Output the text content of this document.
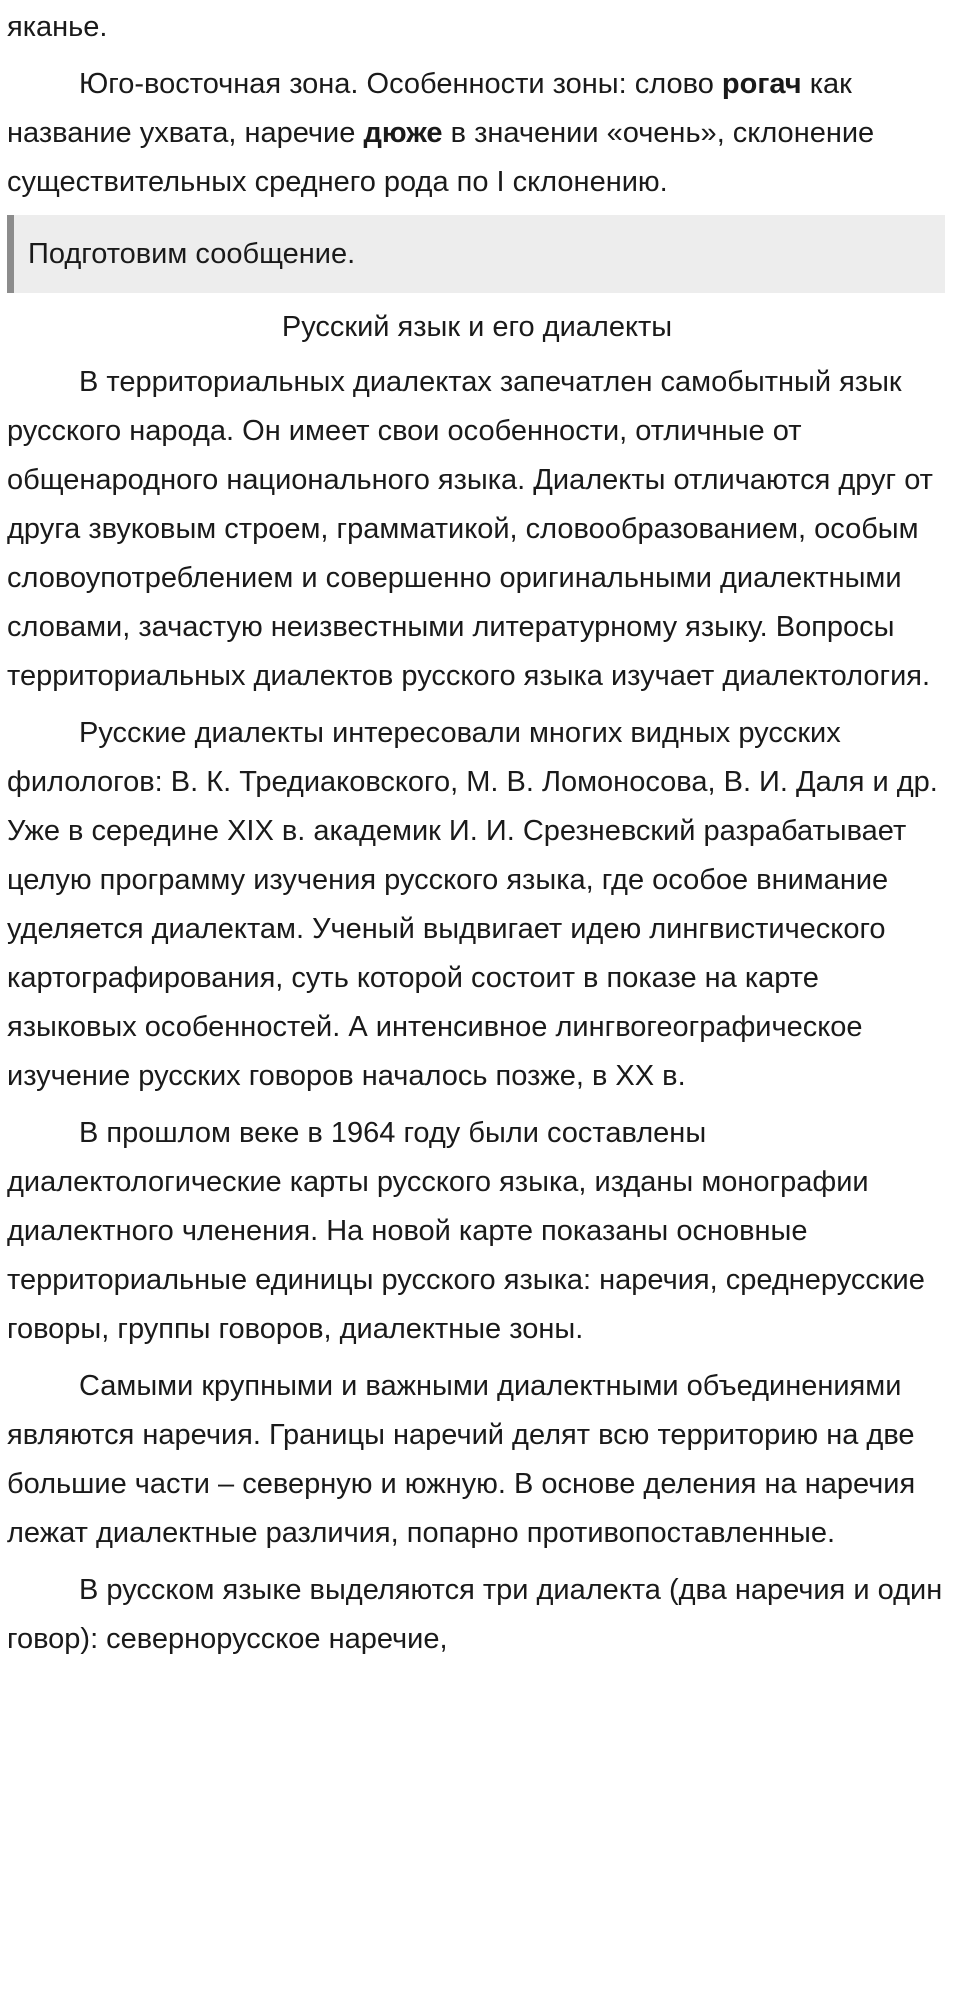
яканье.

Юго-восточная зона. Особенности зоны: слово рогач как название ухвата, наречие дюже в значении «очень», склонение существительных среднего рода по I склонению.

Подготовим сообщение.

Русский язык и его диалекты

В территориальных диалектах запечатлен самобытный язык русского народа. Он имеет свои особенности, отличные от общенародного национального языка. Диалекты отличаются друг от друга звуковым строем, грамматикой, словообразованием, особым словоупотреблением и совершенно оригинальными диалектными словами, зачастую неизвестными литературному языку. Вопросы территориальных диалектов русского языка изучает диалектология.

Русские диалекты интересовали многих видных русских филологов: В. К. Тредиаковского, М. В. Ломоносова, В. И. Даля и др. Уже в середине XIX в. академик И. И. Срезневский разрабатывает целую программу изучения русского языка, где особое внимание уделяется диалектам. Ученый выдвигает идею лингвистического картографирования, суть которой состоит в показе на карте языковых особенностей. А интенсивное лингвогеографическое изучение русских говоров началось позже, в XX в.

В прошлом веке в 1964 году были составлены диалектологические карты русского языка, изданы монографии диалектного членения. На новой карте показаны основные территориальные единицы русского языка: наречия, среднерусские говоры, группы говоров, диалектные зоны.

Самыми крупными и важными диалектными объединениями являются наречия. Границы наречий делят всю территорию на две большие части – северную и южную. В основе деления на наречия лежат диалектные различия, попарно противопоставленные.

В русском языке выделяются три диалекта (два наречия и один говор): севернорусское наречие,
